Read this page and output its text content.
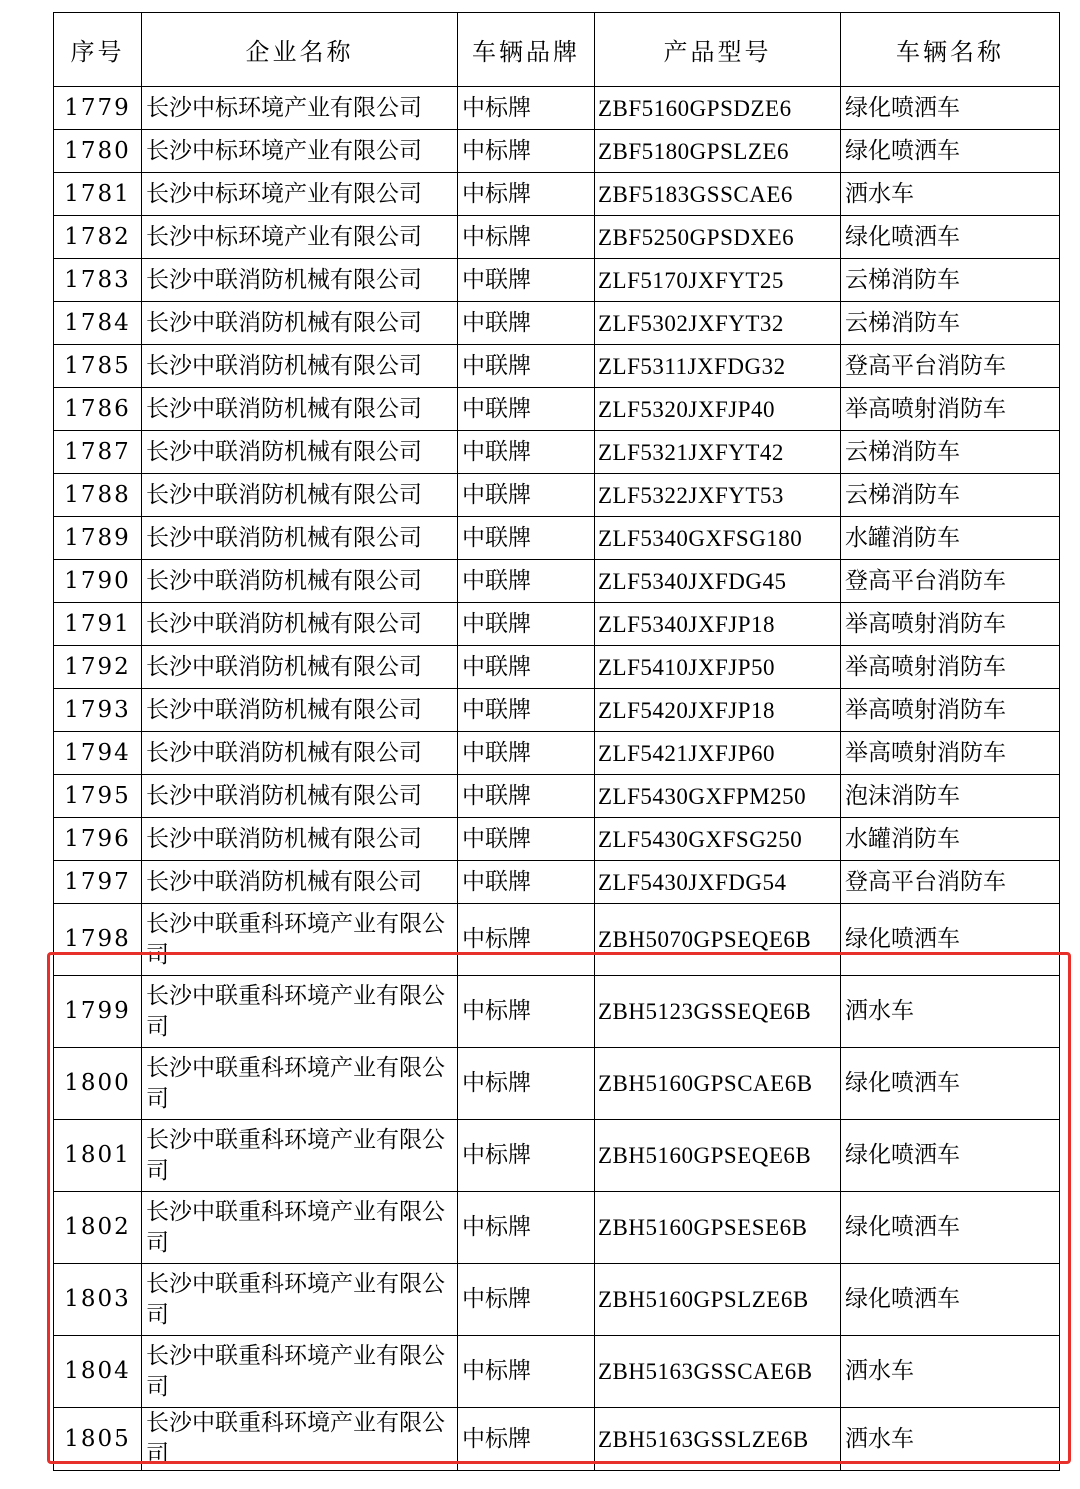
序号	企业名称	车辆品牌	产品型号	车辆名称
1779	长沙中标环境产业有限公司	中标牌	ZBF5160GPSDZE6	绿化喷洒车
1780	长沙中标环境产业有限公司	中标牌	ZBF5180GPSLZE6	绿化喷洒车
1781	长沙中标环境产业有限公司	中标牌	ZBF5183GSSCAE6	洒水车
1782	长沙中标环境产业有限公司	中标牌	ZBF5250GPSDXE6	绿化喷洒车
1783	长沙中联消防机械有限公司	中联牌	ZLF5170JXFYT25	云梯消防车
1784	长沙中联消防机械有限公司	中联牌	ZLF5302JXFYT32	云梯消防车
1785	长沙中联消防机械有限公司	中联牌	ZLF5311JXFDG32	登高平台消防车
1786	长沙中联消防机械有限公司	中联牌	ZLF5320JXFJP40	举高喷射消防车
1787	长沙中联消防机械有限公司	中联牌	ZLF5321JXFYT42	云梯消防车
1788	长沙中联消防机械有限公司	中联牌	ZLF5322JXFYT53	云梯消防车
1789	长沙中联消防机械有限公司	中联牌	ZLF5340GXFSG180	水罐消防车
1790	长沙中联消防机械有限公司	中联牌	ZLF5340JXFDG45	登高平台消防车
1791	长沙中联消防机械有限公司	中联牌	ZLF5340JXFJP18	举高喷射消防车
1792	长沙中联消防机械有限公司	中联牌	ZLF5410JXFJP50	举高喷射消防车
1793	长沙中联消防机械有限公司	中联牌	ZLF5420JXFJP18	举高喷射消防车
1794	长沙中联消防机械有限公司	中联牌	ZLF5421JXFJP60	举高喷射消防车
1795	长沙中联消防机械有限公司	中联牌	ZLF5430GXFPM250	泡沫消防车
1796	长沙中联消防机械有限公司	中联牌	ZLF5430GXFSG250	水罐消防车
1797	长沙中联消防机械有限公司	中联牌	ZLF5430JXFDG54	登高平台消防车
1798	长沙中联重科环境产业有限公司	中标牌	ZBH5070GPSEQE6B	绿化喷洒车
1799	长沙中联重科环境产业有限公司	中标牌	ZBH5123GSSEQE6B	洒水车
1800	长沙中联重科环境产业有限公司	中标牌	ZBH5160GPSCAE6B	绿化喷洒车
1801	长沙中联重科环境产业有限公司	中标牌	ZBH5160GPSEQE6B	绿化喷洒车
1802	长沙中联重科环境产业有限公司	中标牌	ZBH5160GPSESE6B	绿化喷洒车
1803	长沙中联重科环境产业有限公司	中标牌	ZBH5160GPSLZE6B	绿化喷洒车
1804	长沙中联重科环境产业有限公司	中标牌	ZBH5163GSSCAE6B	洒水车
1805	长沙中联重科环境产业有限公司	中标牌	ZBH5163GSSLZE6B	洒水车
